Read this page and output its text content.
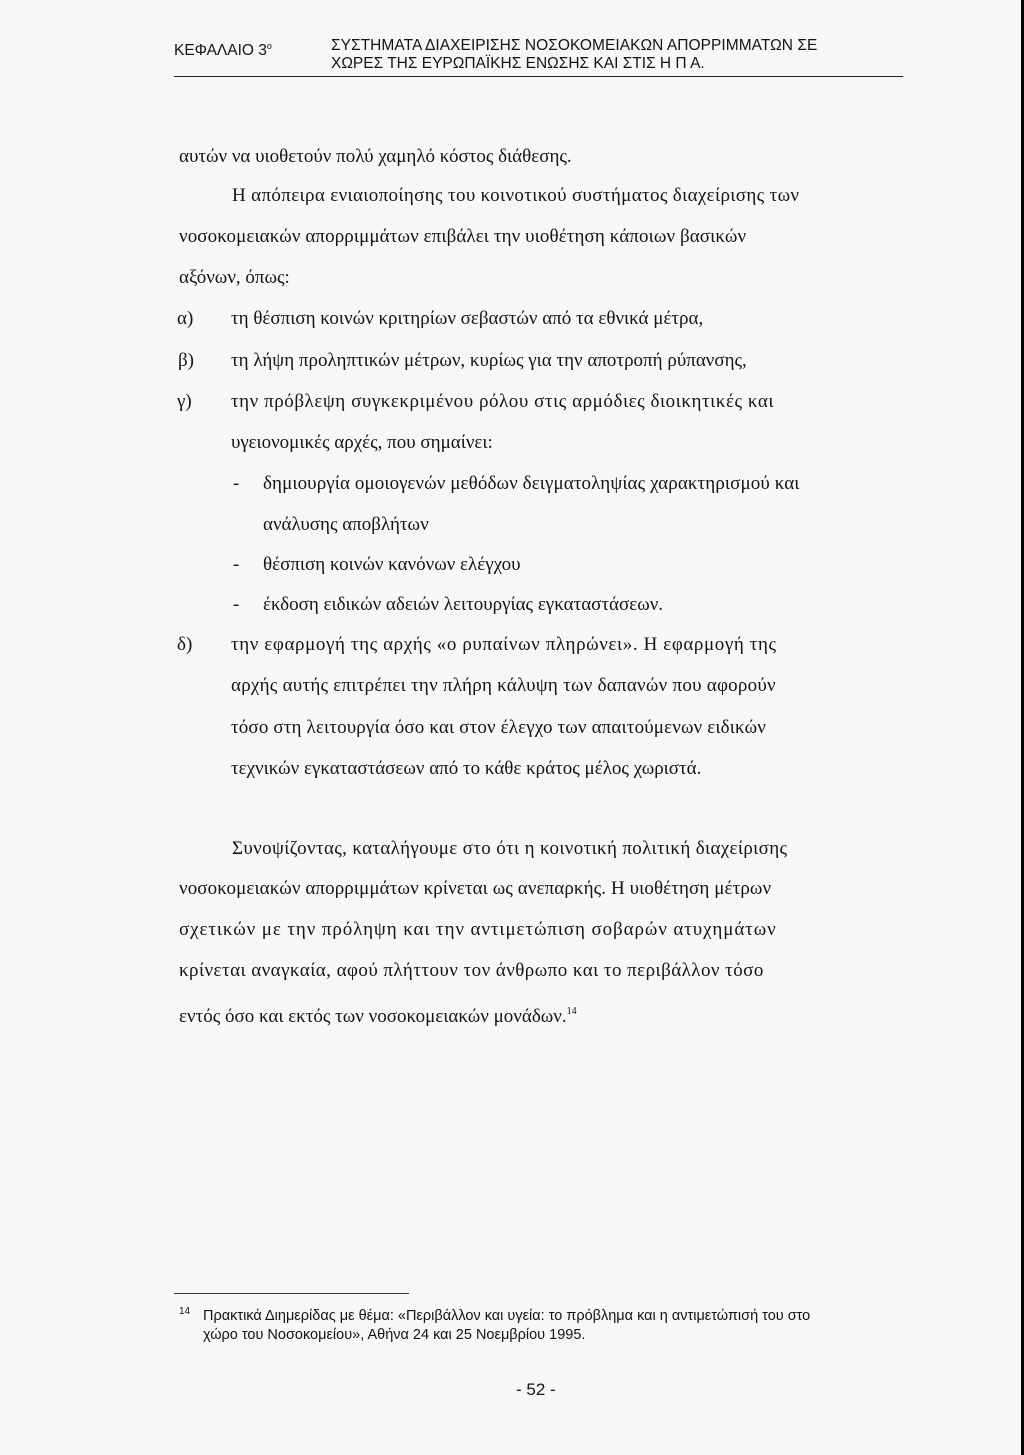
ΚΕΦΑΛΑΙΟ $3^o$	ΣΥΣΤΗΜΑΤΑ ΔΙΑΧΕΙΡΙΣΗΣ ΝΟΣΟΚΟΜΕΙΑΚΩΝ ΑΠΟΡΡΙΜΜΑΤΩΝ ΣΕ
ΧΩΡΕΣ ΤΗΣ ΕΥΡΩΠΑΪΚΗΣ ΕΝΩΣΗΣ ΚΑΙ ΣΤΙΣ Η Π Α.
αυτών να υιοθετούν πολύ χαμηλό κόστος διάθεσης.
Η απόπειρα ενιαιοποίησης του κοινοτικού συστήματος διαχείρισης των
νοσοκομειακών απορριμμάτων επιβάλει την υιοθέτηση κάποιων βασικών
αξόνων, όπως:
α) τη θέσπιση κοινών κριτηρίων σεβαστών από τα εθνικά μέτρα,
β) τη λήψη προληπτικών μέτρων, κυρίως για την αποτροπή ρύπανσης,
γ) την πρόβλεψη συγκεκριμένου ρόλου στις αρμόδιες διοικητικές και
υγειονομικές αρχές, που σημαίνει:
- δημιουργία ομοιογενών μεθόδων δειγματοληψίας χαρακτηρισμού και
ανάλυσης αποβλήτων
- θέσπιση κοινών κανόνων ελέγχου
- έκδοση ειδικών αδειών λειτουργίας εγκαταστάσεων.
δ) την εφαρμογή της αρχής «ο ρυπαίνων πληρώνει». Η εφαρμογή της
αρχής αυτής επιτρέπει την πλήρη κάλυψη των δαπανών που αφορούν
τόσο στη λειτουργία όσο και στον έλεγχο των απαιτούμενων ειδικών
τεχνικών εγκαταστάσεων από το κάθε κράτος μέλος χωριστά.
Συνοψίζοντας, καταλήγουμε στο ότι η κοινοτική πολιτική διαχείρισης
νοσοκομειακών απορριμμάτων κρίνεται ως ανεπαρκής. Η υιοθέτηση μέτρων
σχετικών με την πρόληψη και την αντιμετώπιση σοβαρών ατυχημάτων
κρίνεται αναγκαία, αφού πλήττουν τον άνθρωπο και το περιβάλλον τόσο
εντός όσο και εκτός των νοσοκομειακών μονάδων.$^{14}$
$^{14}$ Πρακτικά Διημερίδας με θέμα: «Περιβάλλον και υγεία: το πρόβλημα και η αντιμετώπισή του στο
χώρο του Νοσοκομείου», Αθήνα 24 και 25 Νοεμβρίου 1995.
- 52 -
